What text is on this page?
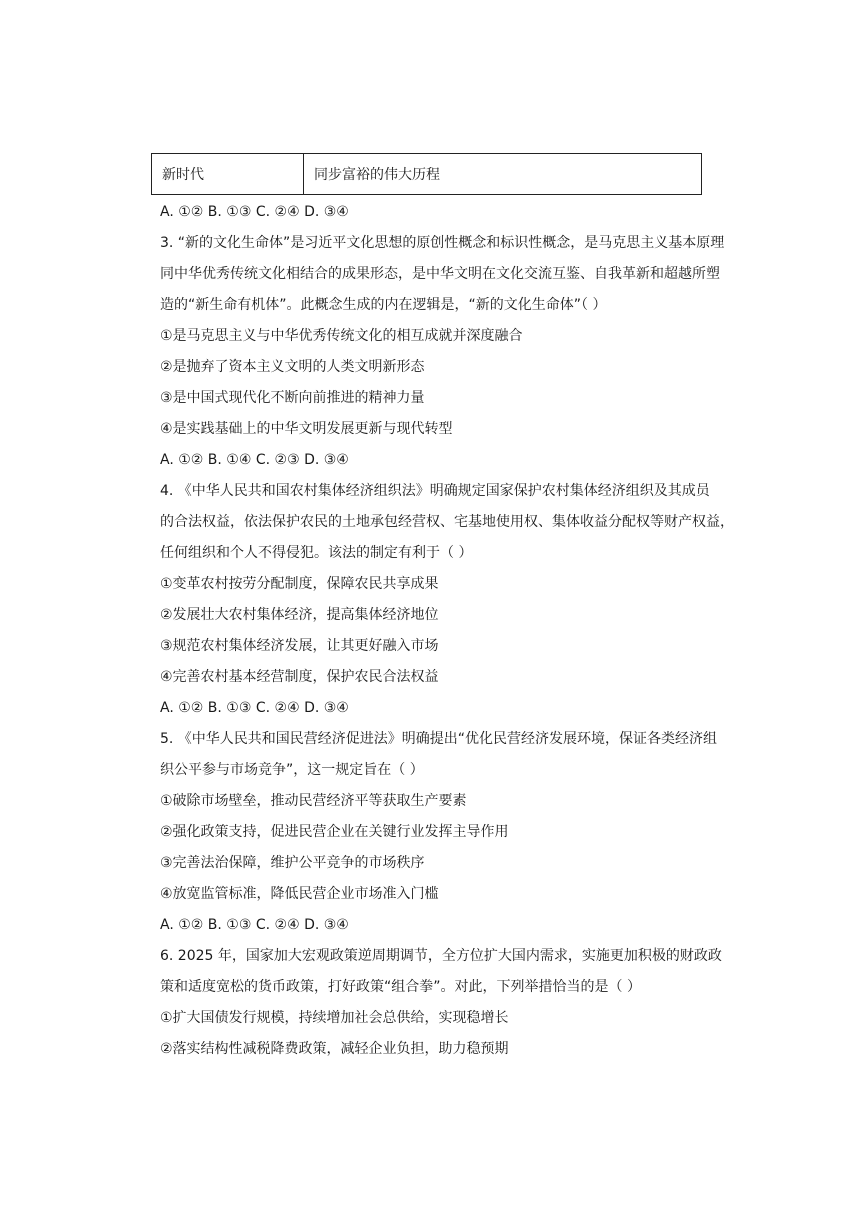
新时代	同步富裕的伟大历程
A. ①② B. ①③ C. ②④ D. ③④
3. “新的文化生命体”是习近平文化思想的原创性概念和标识性概念，是马克思主义基本原理
同中华优秀传统文化相结合的成果形态，是中华文明在文化交流互鉴、自我革新和超越所塑
造的“新生命有机体”。此概念生成的内在逻辑是，“新的文化生命体”（ ）
①是马克思主义与中华优秀传统文化的相互成就并深度融合
②是抛弃了资本主义文明的人类文明新形态
③是中国式现代化不断向前推进的精神力量
④是实践基础上的中华文明发展更新与现代转型
A. ①② B. ①④ C. ②③ D. ③④
4. 《中华人民共和国农村集体经济组织法》明确规定国家保护农村集体经济组织及其成员
的合法权益，依法保护农民的土地承包经营权、宅基地使用权、集体收益分配权等财产权益，
任何组织和个人不得侵犯。该法的制定有利于（ ）
①变革农村按劳分配制度，保障农民共享成果
②发展壮大农村集体经济，提高集体经济地位
③规范农村集体经济发展，让其更好融入市场
④完善农村基本经营制度，保护农民合法权益
A. ①② B. ①③ C. ②④ D. ③④
5. 《中华人民共和国民营经济促进法》明确提出“优化民营经济发展环境，保证各类经济组
织公平参与市场竞争”，这一规定旨在（ ）
①破除市场壁垒，推动民营经济平等获取生产要素
②强化政策支持，促进民营企业在关键行业发挥主导作用
③完善法治保障，维护公平竞争的市场秩序
④放宽监管标准，降低民营企业市场准入门槛
A. ①② B. ①③ C. ②④ D. ③④
6. 2025 年，国家加大宏观政策逆周期调节，全方位扩大国内需求，实施更加积极的财政政
策和适度宽松的货币政策，打好政策“组合拳”。对此，下列举措恰当的是（ ）
①扩大国债发行规模，持续增加社会总供给，实现稳增长
②落实结构性减税降费政策，减轻企业负担，助力稳预期
